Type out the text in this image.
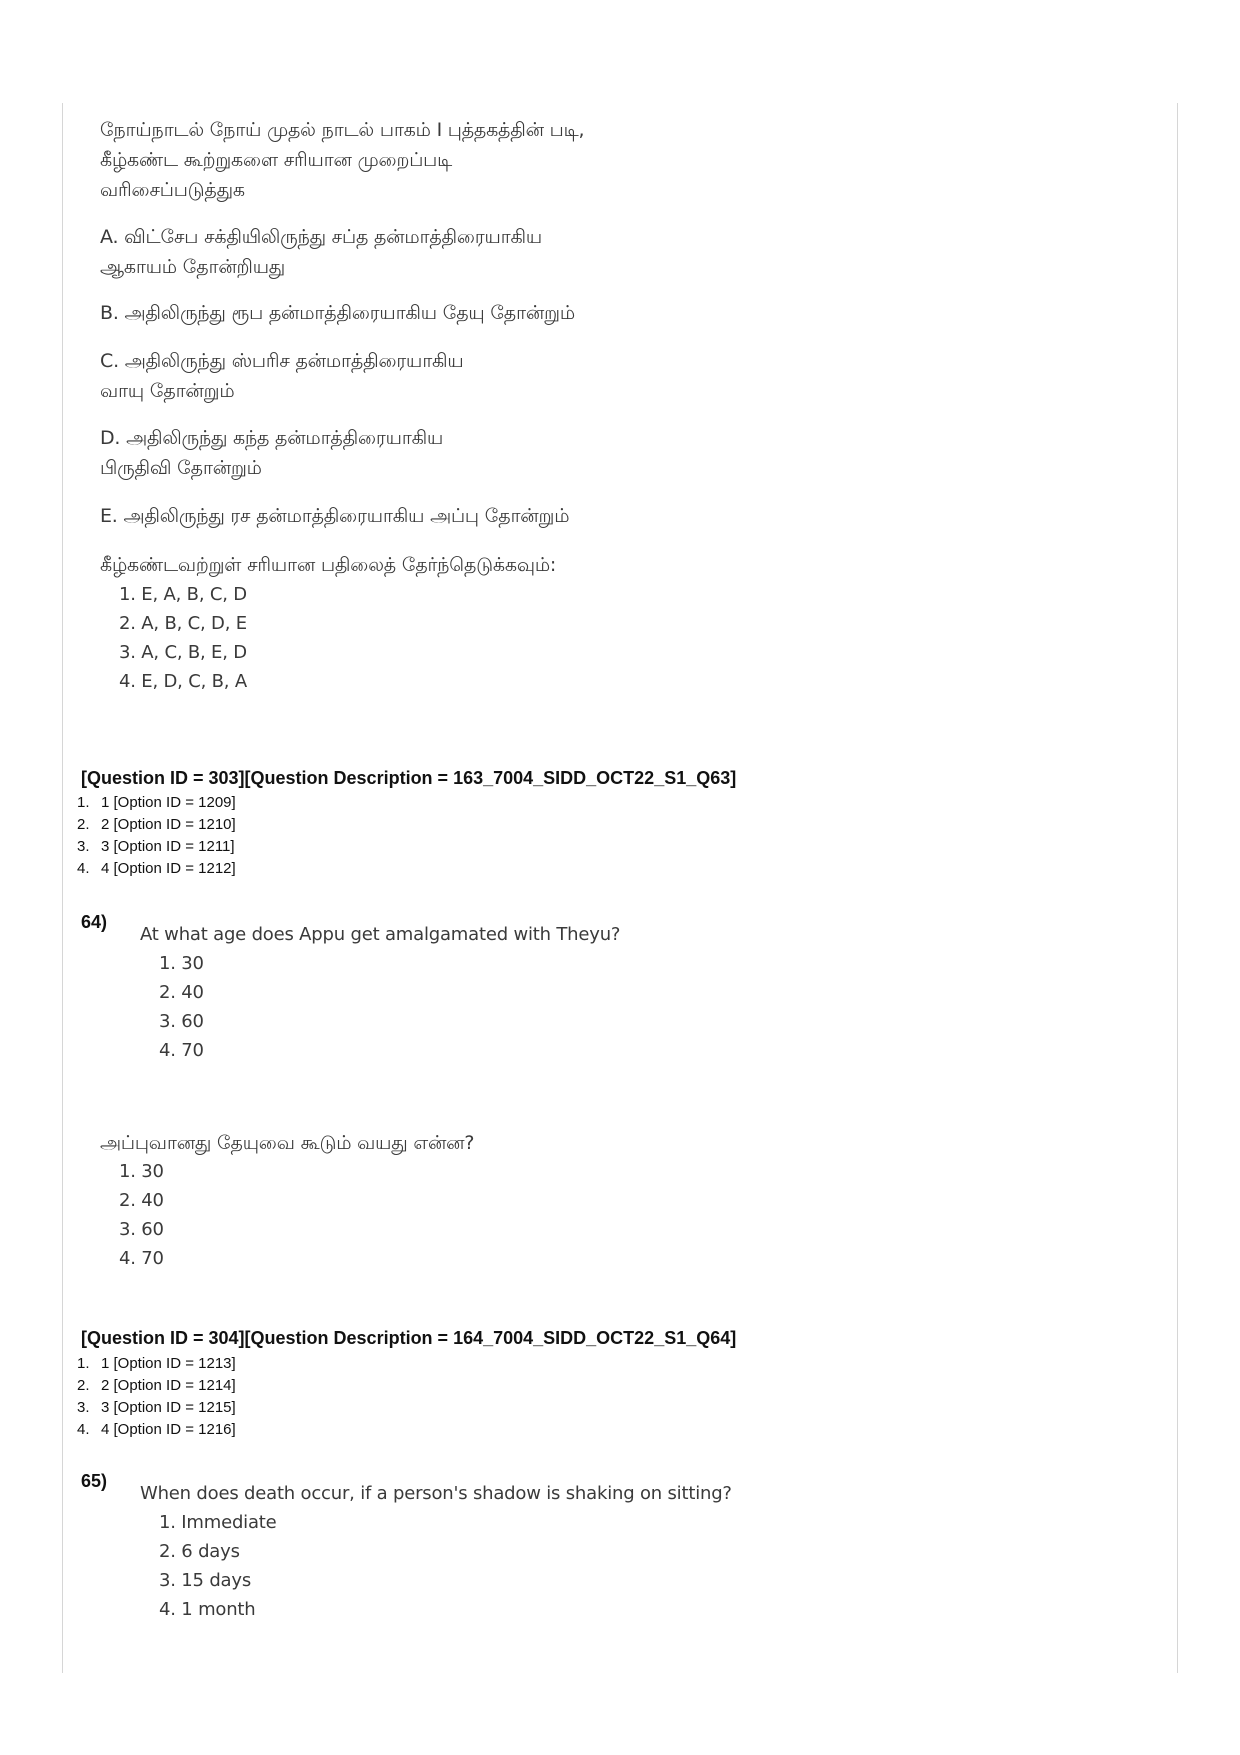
நோய்நாடல் நோய் முதல் நாடல் பாகம் I புத்தகத்தின் படி,
கீழ்கண்ட கூற்றுகளை சரியான முறைப்படி
வரிசைப்படுத்துக
A. விட்சேப சக்தியிலிருந்து சப்த தன்மாத்திரையாகிய
ஆகாயம் தோன்றியது
B. அதிலிருந்து ரூப தன்மாத்திரையாகிய தேயு தோன்றும்
C. அதிலிருந்து ஸ்பரிச தன்மாத்திரையாகிய
வாயு தோன்றும்
D. அதிலிருந்து கந்த தன்மாத்திரையாகிய
பிருதிவி தோன்றும்
E. அதிலிருந்து ரச தன்மாத்திரையாகிய அப்பு தோன்றும்
கீழ்கண்டவற்றுள் சரியான பதிலைத் தேர்ந்தெடுக்கவும்:
1. E, A, B, C, D
2. A, B, C, D, E
3. A, C, B, E, D
4. E, D, C, B, A
[Question ID = 303][Question Description = 163_7004_SIDD_OCT22_S1_Q63]
1. 1 [Option ID = 1209]
2. 2 [Option ID = 1210]
3. 3 [Option ID = 1211]
4. 4 [Option ID = 1212]
64)
At what age does Appu get amalgamated with Theyu?
1. 30
2. 40
3. 60
4. 70
அப்புவானது தேயுவை கூடும் வயது என்ன?
1. 30
2. 40
3. 60
4. 70
[Question ID = 304][Question Description = 164_7004_SIDD_OCT22_S1_Q64]
1. 1 [Option ID = 1213]
2. 2 [Option ID = 1214]
3. 3 [Option ID = 1215]
4. 4 [Option ID = 1216]
65)
When does death occur, if a person's shadow is shaking on sitting?
1. Immediate
2. 6 days
3. 15 days
4. 1 month
